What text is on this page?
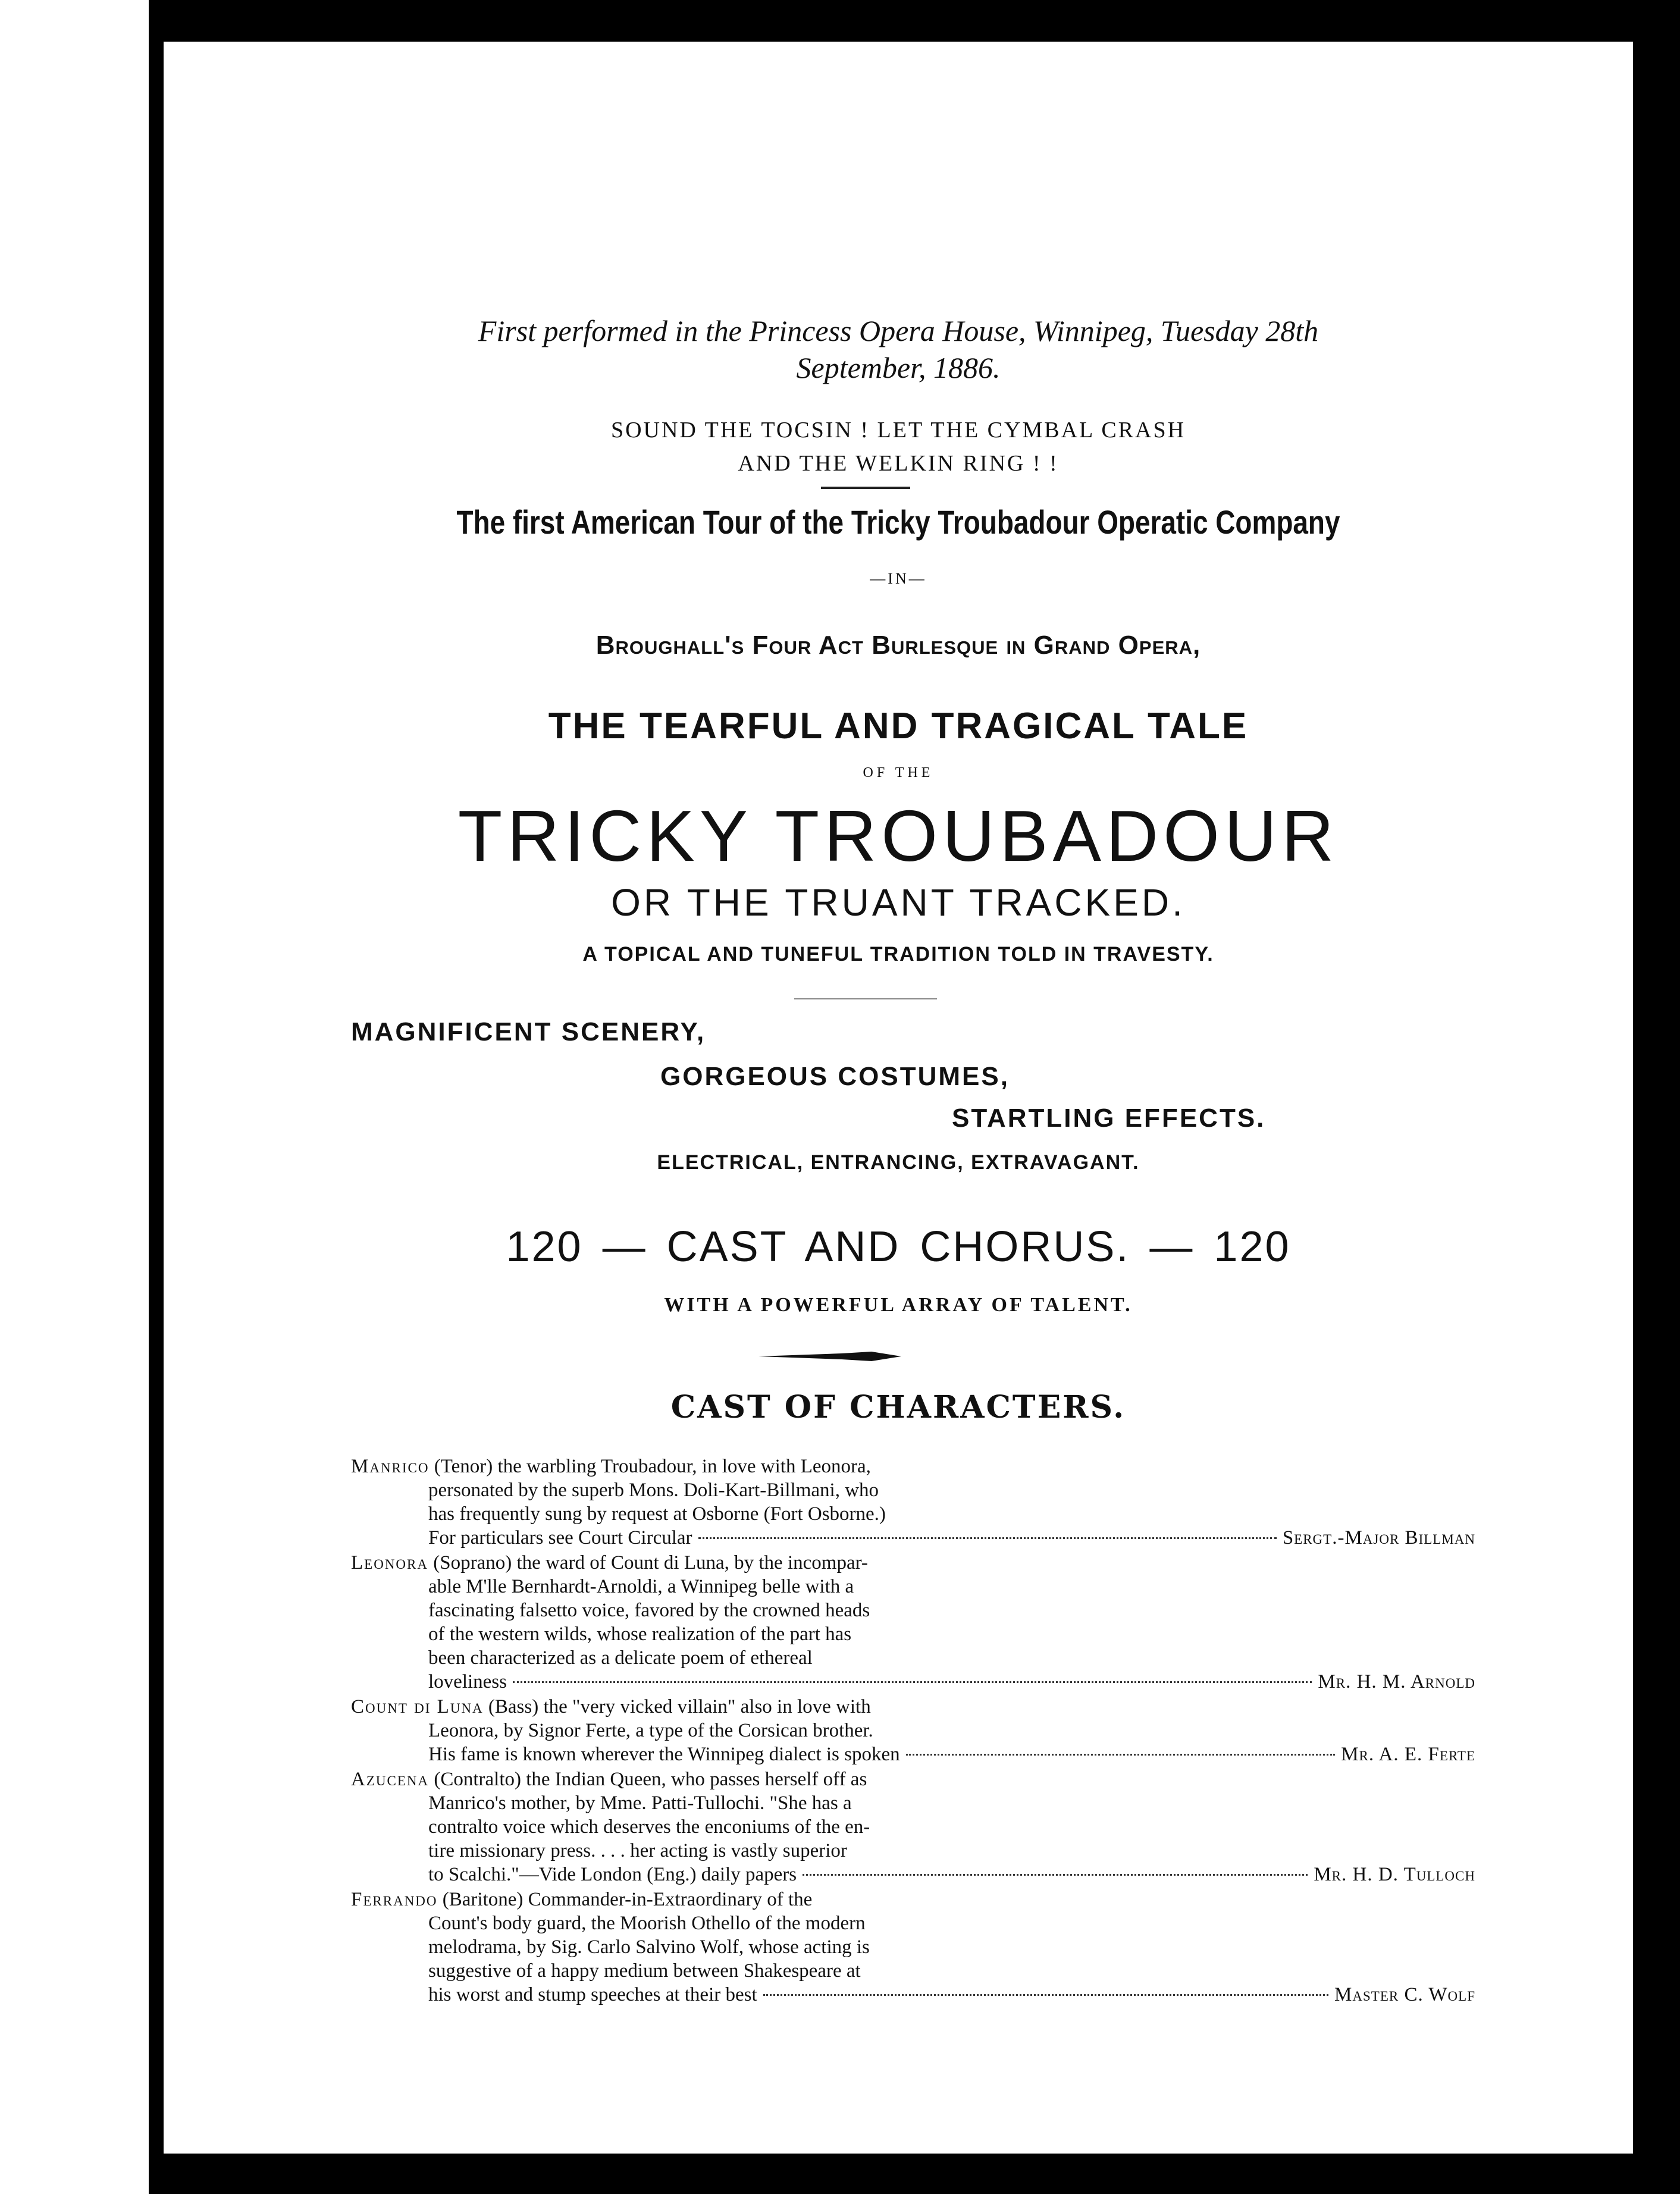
First performed in the Princess Opera House, Winnipeg, Tuesday 28th
September, 1886.
SOUND THE TOCSIN ! LET THE CYMBAL CRASH
AND THE WELKIN RING ! !
The first American Tour of the Tricky Troubadour Operatic Company
—IN—
Broughall's Four Act Burlesque in Grand Opera,
THE TEARFUL AND TRAGICAL TALE
OF THE
TRICKY TROUBADOUR
OR THE TRUANT TRACKED.
A TOPICAL AND TUNEFUL TRADITION TOLD IN TRAVESTY.
MAGNIFICENT SCENERY,
GORGEOUS COSTUMES,
STARTLING EFFECTS.
ELECTRICAL, ENTRANCING, EXTRAVAGANT.
120 — CAST AND CHORUS. — 120
WITH A POWERFUL ARRAY OF TALENT.
CAST OF CHARACTERS.
Manrico (Tenor) the warbling Troubadour, in love with Leonora,
personated by the superb Mons. Doli-Kart-Billmani, who
has frequently sung by request at Osborne (Fort Osborne.)
For particulars see Court Circular	Sergt.-Major Billman
Leonora (Soprano) the ward of Count di Luna, by the incompar-
able M'lle Bernhardt-Arnoldi, a Winnipeg belle with a
fascinating falsetto voice, favored by the crowned heads
of the western wilds, whose realization of the part has
been characterized as a delicate poem of ethereal
loveliness	Mr. H. M. Arnold
Count di Luna (Bass) the "very vicked villain" also in love with
Leonora, by Signor Ferte, a type of the Corsican brother.
His fame is known wherever the Winnipeg dialect is spoken	Mr. A. E. Ferte
Azucena (Contralto) the Indian Queen, who passes herself off as
Manrico's mother, by Mme. Patti-Tullochi. "She has a
contralto voice which deserves the enconiums of the en-
tire missionary press. . . . her acting is vastly superior
to Scalchi."—Vide London (Eng.) daily papers	Mr. H. D. Tulloch
Ferrando (Baritone) Commander-in-Extraordinary of the
Count's body guard, the Moorish Othello of the modern
melodrama, by Sig. Carlo Salvino Wolf, whose acting is
suggestive of a happy medium between Shakespeare at
his worst and stump speeches at their best	Master C. Wolf
